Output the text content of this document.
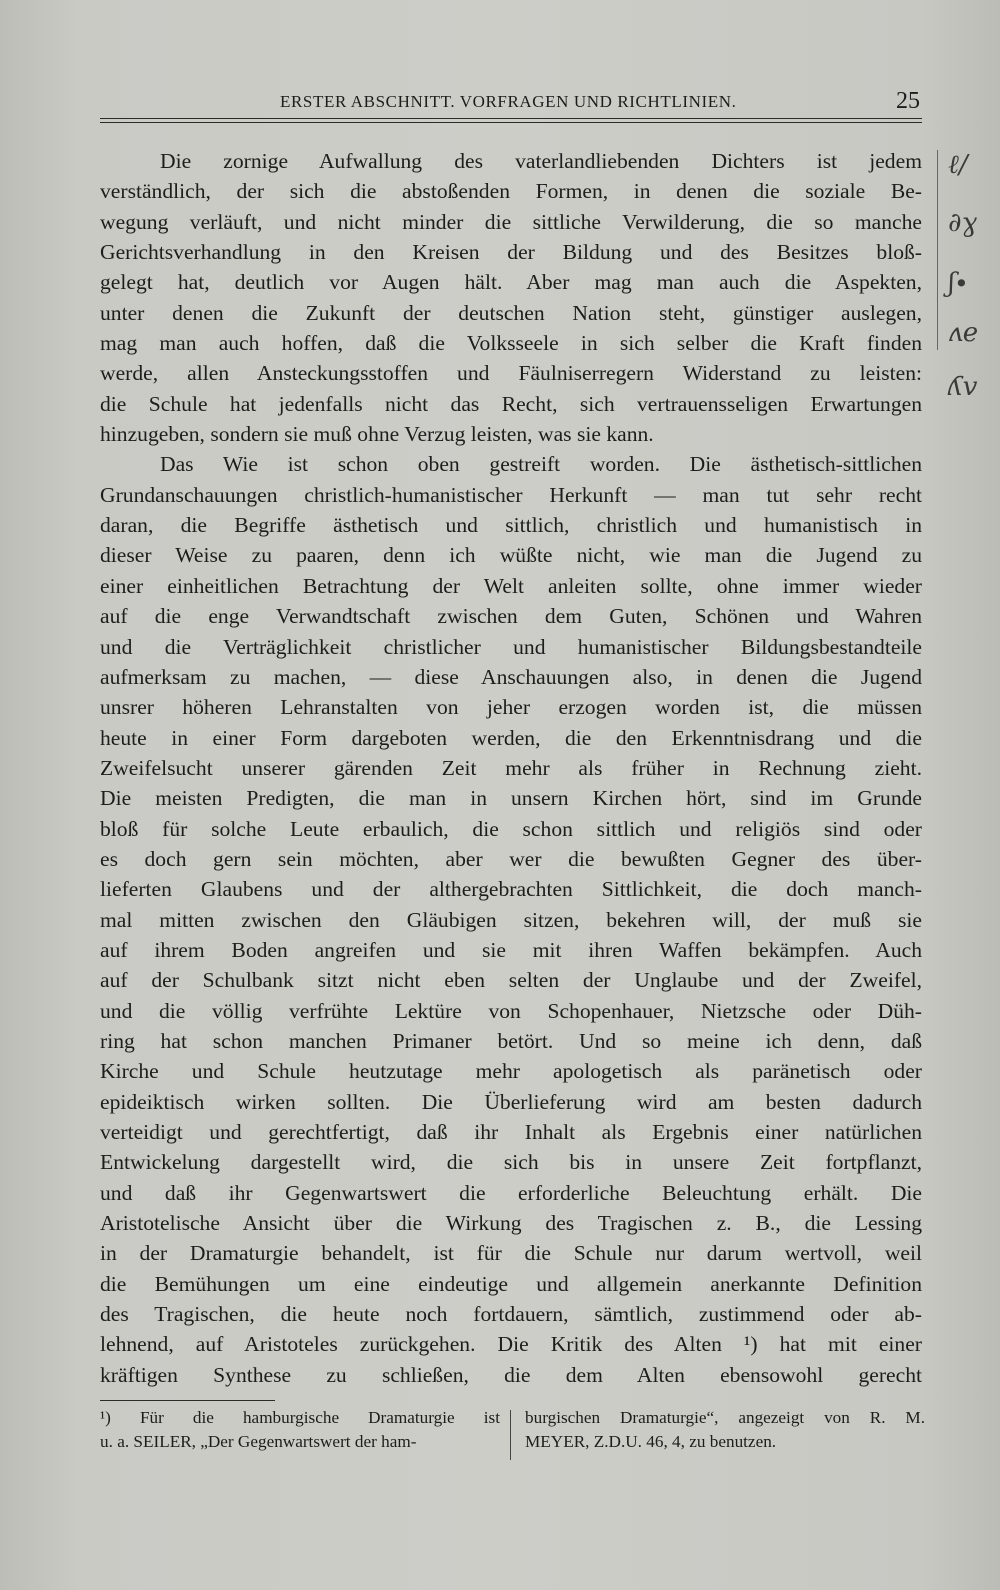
ERSTER ABSCHNITT. VORFRAGEN UND RICHTLINIEN.	25
Die zornige Aufwallung des vaterlandliebenden Dichters ist jedem
verständlich, der sich die abstoßenden Formen, in denen die soziale Be-
wegung verläuft, und nicht minder die sittliche Verwilderung, die so manche
Gerichtsverhandlung in den Kreisen der Bildung und des Besitzes bloß-
gelegt hat, deutlich vor Augen hält. Aber mag man auch die Aspekten,
unter denen die Zukunft der deutschen Nation steht, günstiger auslegen,
mag man auch hoffen, daß die Volksseele in sich selber die Kraft finden
werde, allen Ansteckungsstoffen und Fäulniserregern Widerstand zu leisten:
die Schule hat jedenfalls nicht das Recht, sich vertrauensseligen Erwartungen
hinzugeben, sondern sie muß ohne Verzug leisten, was sie kann.
Das Wie ist schon oben gestreift worden. Die ästhetisch-sittlichen
Grundanschauungen christlich-humanistischer Herkunft — man tut sehr recht
daran, die Begriffe ästhetisch und sittlich, christlich und humanistisch in
dieser Weise zu paaren, denn ich wüßte nicht, wie man die Jugend zu
einer einheitlichen Betrachtung der Welt anleiten sollte, ohne immer wieder
auf die enge Verwandtschaft zwischen dem Guten, Schönen und Wahren
und die Verträglichkeit christlicher und humanistischer Bildungsbestandteile
aufmerksam zu machen, — diese Anschauungen also, in denen die Jugend
unsrer höheren Lehranstalten von jeher erzogen worden ist, die müssen
heute in einer Form dargeboten werden, die den Erkenntnisdrang und die
Zweifelsucht unserer gärenden Zeit mehr als früher in Rechnung zieht.
Die meisten Predigten, die man in unsern Kirchen hört, sind im Grunde
bloß für solche Leute erbaulich, die schon sittlich und religiös sind oder
es doch gern sein möchten, aber wer die bewußten Gegner des über-
lieferten Glaubens und der althergebrachten Sittlichkeit, die doch manch-
mal mitten zwischen den Gläubigen sitzen, bekehren will, der muß sie
auf ihrem Boden angreifen und sie mit ihren Waffen bekämpfen. Auch
auf der Schulbank sitzt nicht eben selten der Unglaube und der Zweifel,
und die völlig verfrühte Lektüre von Schopenhauer, Nietzsche oder Düh-
ring hat schon manchen Primaner betört. Und so meine ich denn, daß
Kirche und Schule heutzutage mehr apologetisch als paränetisch oder
epideiktisch wirken sollten. Die Überlieferung wird am besten dadurch
verteidigt und gerechtfertigt, daß ihr Inhalt als Ergebnis einer natürlichen
Entwickelung dargestellt wird, die sich bis in unsere Zeit fortpflanzt,
und daß ihr Gegenwartswert die erforderliche Beleuchtung erhält. Die
Aristotelische Ansicht über die Wirkung des Tragischen z. B., die Lessing
in der Dramaturgie behandelt, ist für die Schule nur darum wertvoll, weil
die Bemühungen um eine eindeutige und allgemein anerkannte Definition
des Tragischen, die heute noch fortdauern, sämtlich, zustimmend oder ab-
lehnend, auf Aristoteles zurückgehen. Die Kritik des Alten ¹) hat mit einer
kräftigen Synthese zu schließen, die dem Alten ebensowohl gerecht
¹) Für die hamburgische Dramaturgie ist
u. a. SEILER, „Der Gegenwartswert der ham-
burgischen Dramaturgie“, angezeigt von R. M.
MEYER, Z.D.U. 46, 4, zu benutzen.
ℓ/
∂ɣ
ʃ∙
ʌe
ʎv
